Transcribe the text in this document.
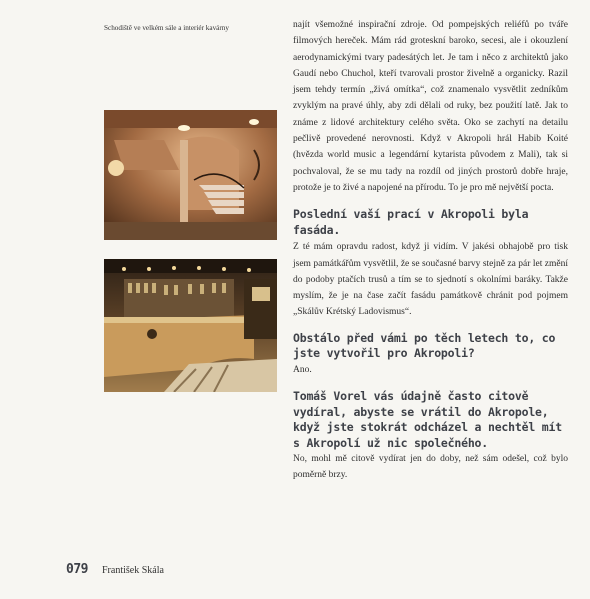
Schodiště ve velkém sále a interiér kavárny	najít všemožné inspirační zdroje. Od pompejských reliéfů po tváře filmových hereček. Mám rád groteskní baroko, secesi, ale i okouzlení aerodynamickými tvary padesátých let. Je tam i něco z architektů jako Gaudí nebo Chuchol, kteří tvarovali prostor živelně a organicky. Razil jsem tehdy termín „živá omítka“, což znamenalo vysvětlit zedníkům zvyklým na pravé úhly, aby zdi dělali od ruky, bez použití latě. Jak to známe z lidové architektury celého světa. Oko se zachytí na detailu pečlivě provedené nerovnosti. Když v Akropoli hrál Habib Koité (hvězda world music a legendární kytarista původem z Mali), tak si pochvaloval, že se mu tady na rozdíl od jiných prostorů dobře hraje, protože je to živé a napojené na přírodu. To je pro mě největší pocta.

Poslední vaší prací v Akropoli byla fasáda.

Z té mám opravdu radost, když ji vidím. V jakési obhajobě pro tisk jsem památkářům vysvětlil, že se současné barvy stejně za pár let změní do podoby ptačích trusů a tím se to sjednotí s okolními baráky. Takže myslím, že je na čase začít fasádu památkově chránit pod pojmem „Skálův Krétský Ladovismus“.

Obstálo před vámi po těch letech to, co jste vytvořil pro Akropoli?

Ano.

Tomáš Vorel vás údajně často citově vydíral, abyste se vrátil do Akropole, když jste stokrát odcházel a nechtěl mít s Akropolí už nic společného.

No, mohl mě citově vydírat jen do doby, než sám odešel, což bylo poměrně brzy.

079 František Skála
